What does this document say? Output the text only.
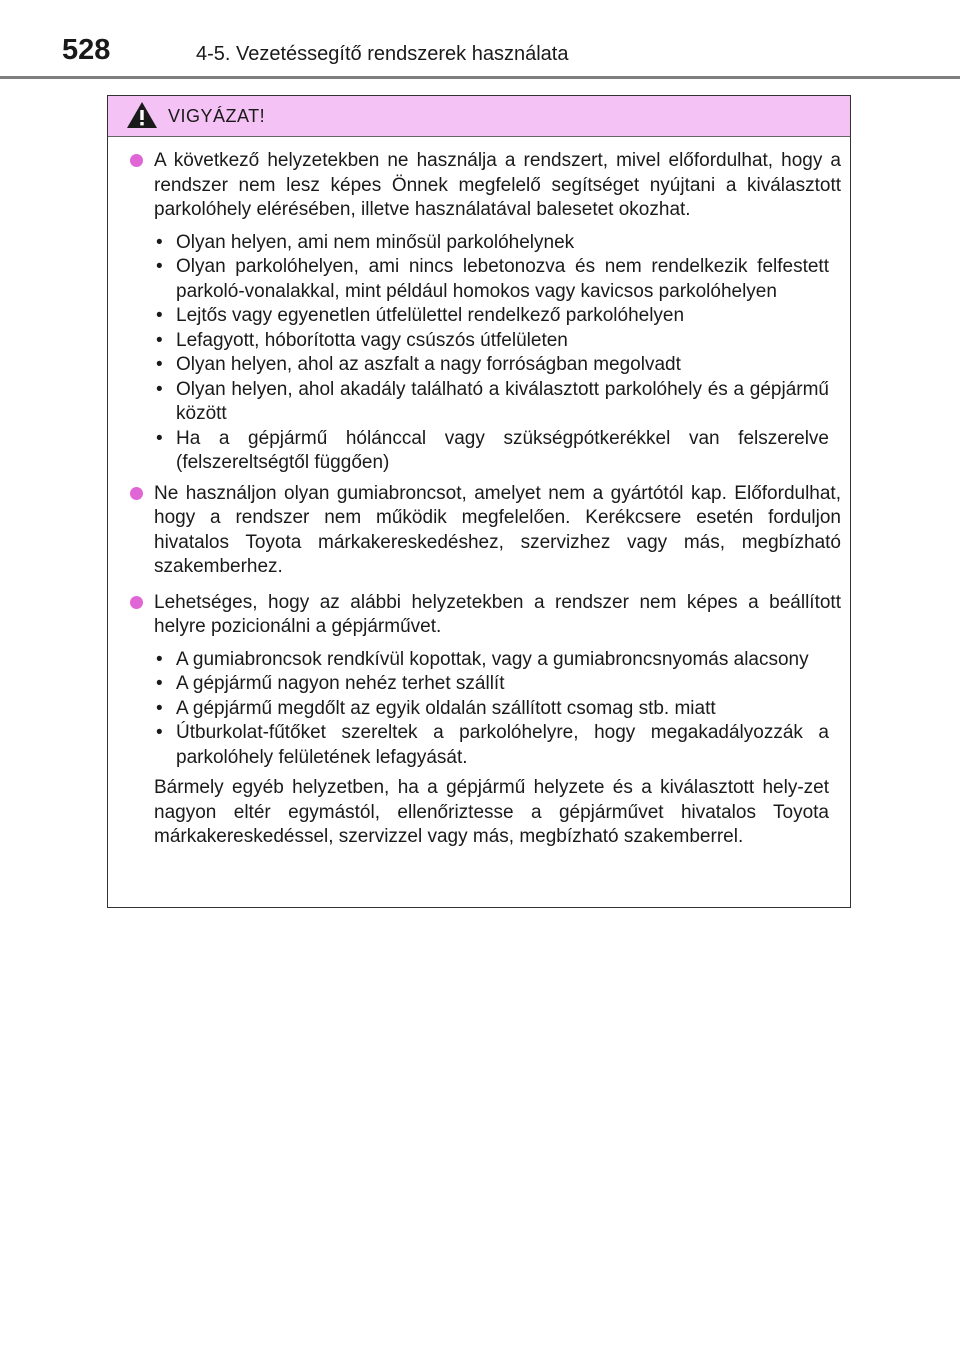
528	4-5. Vezetéssegítő rendszerek használata
VIGYÁZAT!
A következő helyzetekben ne használja a rendszert, mivel előfordulhat, hogy a rendszer nem lesz képes Önnek megfelelő segítséget nyújtani a kiválasztott parkolóhely elérésében, illetve használatával balesetet okozhat.
• Olyan helyen, ami nem minősül parkolóhelynek
• Olyan parkolóhelyen, ami nincs lebetonozva és nem rendelkezik felfestett parkoló-vonalakkal, mint például homokos vagy kavicsos parkolóhelyen
• Lejtős vagy egyenetlen útfelülettel rendelkező parkolóhelyen
• Lefagyott, hóborította vagy csúszós útfelületen
• Olyan helyen, ahol az aszfalt a nagy forróságban megolvadt
• Olyan helyen, ahol akadály található a kiválasztott parkolóhely és a gépjármű között
• Ha a gépjármű hólánccal vagy szükségpótkerékkel van felszerelve (felszereltségtől függően)
Ne használjon olyan gumiabroncsot, amelyet nem a gyártótól kap. Előfordulhat, hogy a rendszer nem működik megfelelően. Kerékcsere esetén forduljon hivatalos Toyota márkakereskedéshez, szervizhez vagy más, megbízható szakemberhez.
Lehetséges, hogy az alábbi helyzetekben a rendszer nem képes a beállított helyre pozicionálni a gépjárművet.
• A gumiabroncsok rendkívül kopottak, vagy a gumiabroncsnyomás alacsony
• A gépjármű nagyon nehéz terhet szállít
• A gépjármű megdőlt az egyik oldalán szállított csomag stb. miatt
• Útburkolat-fűtőket szereltek a parkolóhelyre, hogy megakadályozzák a parkolóhely felületének lefagyását.
Bármely egyéb helyzetben, ha a gépjármű helyzete és a kiválasztott hely-zet nagyon eltér egymástól, ellenőriztesse a gépjárművet hivatalos Toyota márkakereskedéssel, szervizzel vagy más, megbízható szakemberrel.
